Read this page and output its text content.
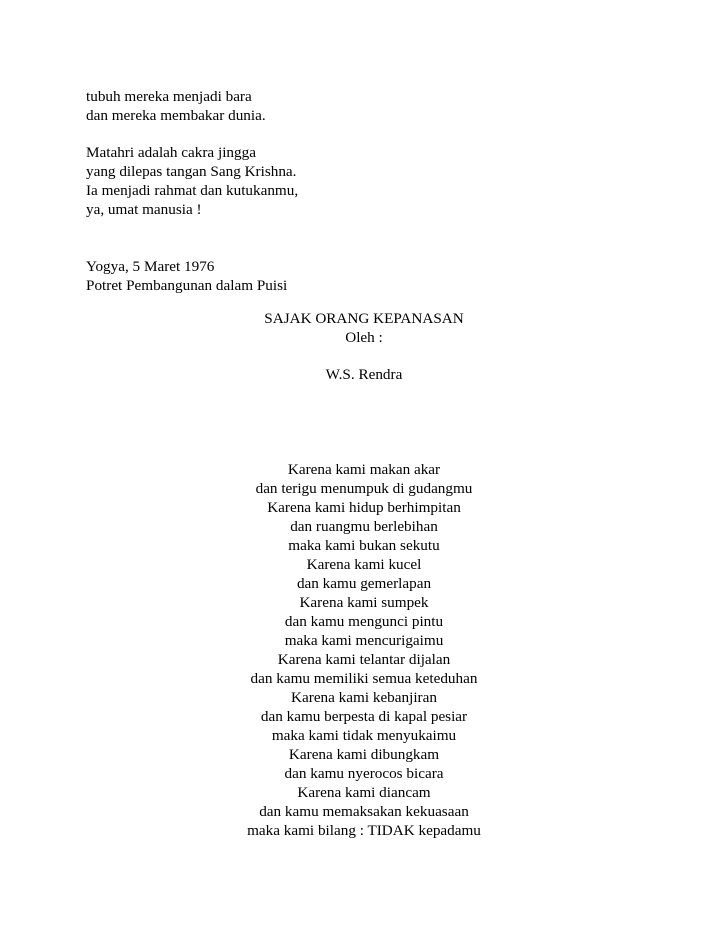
tubuh mereka menjadi bara
dan mereka membakar dunia.
Matahri adalah cakra jingga
yang dilepas tangan Sang Krishna.
Ia menjadi rahmat dan kutukanmu,
ya, umat manusia !
Yogya, 5 Maret 1976
Potret Pembangunan dalam Puisi
SAJAK ORANG KEPANASAN
Oleh :
W.S. Rendra
Karena kami makan akar
dan terigu menumpuk di gudangmu
Karena kami hidup berhimpitan
dan ruangmu berlebihan
maka kami bukan sekutu
Karena kami kucel
dan kamu gemerlapan
Karena kami sumpek
dan kamu mengunci pintu
maka kami mencurigaimu
Karena kami telantar dijalan
dan kamu memiliki semua keteduhan
Karena kami kebanjiran
dan kamu berpesta di kapal pesiar
maka kami tidak menyukaimu
Karena kami dibungkam
dan kamu nyerocos bicara
Karena kami diancam
dan kamu memaksakan kekuasaan
maka kami bilang : TIDAK kepadamu
